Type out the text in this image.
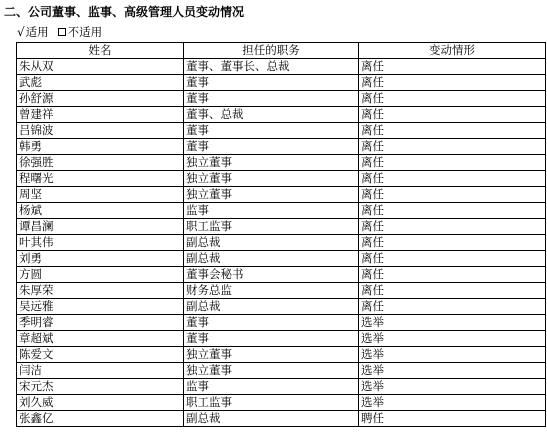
二、公司董事、监事、高级管理人员变动情况
√ 适用 不适用
姓名	担任的职务	变动情形
朱从双	董事、董事长、总裁	离任
武彪	董事	离任
孙舒源	董事	离任
曾建祥	董事、总裁	离任
吕锦波	董事	离任
韩勇	董事	离任
徐强胜	独立董事	离任
程曙光	独立董事	离任
周坚	独立董事	离任
杨斌	监事	离任
谭昌澜	职工监事	离任
叶其伟	副总裁	离任
刘勇	副总裁	离任
方圆	董事会秘书	离任
朱厚荣	财务总监	离任
吴远雅	副总裁	离任
季明睿	董事	选举
章超斌	董事	选举
陈爱文	独立董事	选举
闫洁	独立董事	选举
宋元杰	监事	选举
刘久威	职工监事	选举
张鑫亿	副总裁	聘任
